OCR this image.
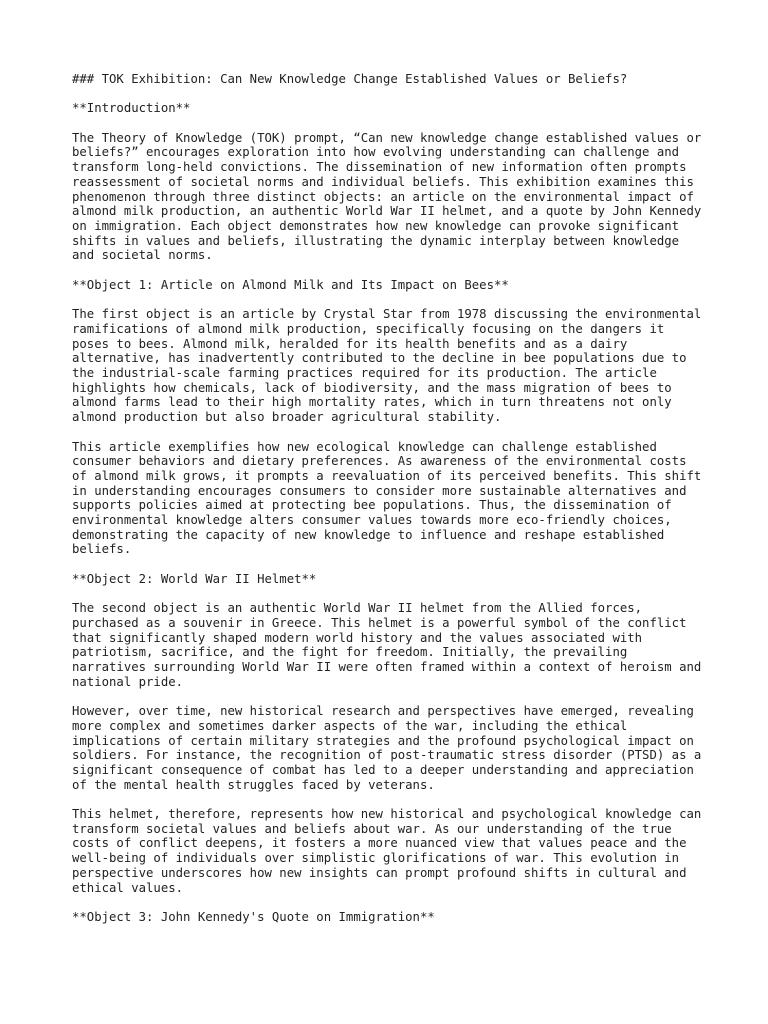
### TOK Exhibition: Can New Knowledge Change Established Values or Beliefs?

**Introduction**

The Theory of Knowledge (TOK) prompt, “Can new knowledge change established values or beliefs?” encourages exploration into how evolving understanding can challenge and transform long-held convictions. The dissemination of new information often prompts reassessment of societal norms and individual beliefs. This exhibition examines this phenomenon through three distinct objects: an article on the environmental impact of almond milk production, an authentic World War II helmet, and a quote by John Kennedy on immigration. Each object demonstrates how new knowledge can provoke significant shifts in values and beliefs, illustrating the dynamic interplay between knowledge and societal norms.

**Object 1: Article on Almond Milk and Its Impact on Bees**

The first object is an article by Crystal Star from 1978 discussing the environmental ramifications of almond milk production, specifically focusing on the dangers it poses to bees. Almond milk, heralded for its health benefits and as a dairy alternative, has inadvertently contributed to the decline in bee populations due to the industrial-scale farming practices required for its production. The article highlights how chemicals, lack of biodiversity, and the mass migration of bees to almond farms lead to their high mortality rates, which in turn threatens not only almond production but also broader agricultural stability.

This article exemplifies how new ecological knowledge can challenge established consumer behaviors and dietary preferences. As awareness of the environmental costs of almond milk grows, it prompts a reevaluation of its perceived benefits. This shift in understanding encourages consumers to consider more sustainable alternatives and supports policies aimed at protecting bee populations. Thus, the dissemination of environmental knowledge alters consumer values towards more eco-friendly choices, demonstrating the capacity of new knowledge to influence and reshape established beliefs.

**Object 2: World War II Helmet**

The second object is an authentic World War II helmet from the Allied forces, purchased as a souvenir in Greece. This helmet is a powerful symbol of the conflict that significantly shaped modern world history and the values associated with patriotism, sacrifice, and the fight for freedom. Initially, the prevailing narratives surrounding World War II were often framed within a context of heroism and national pride.

However, over time, new historical research and perspectives have emerged, revealing more complex and sometimes darker aspects of the war, including the ethical implications of certain military strategies and the profound psychological impact on soldiers. For instance, the recognition of post-traumatic stress disorder (PTSD) as a significant consequence of combat has led to a deeper understanding and appreciation of the mental health struggles faced by veterans.

This helmet, therefore, represents how new historical and psychological knowledge can transform societal values and beliefs about war. As our understanding of the true costs of conflict deepens, it fosters a more nuanced view that values peace and the well-being of individuals over simplistic glorifications of war. This evolution in perspective underscores how new insights can prompt profound shifts in cultural and ethical values.

**Object 3: John Kennedy's Quote on Immigration**
